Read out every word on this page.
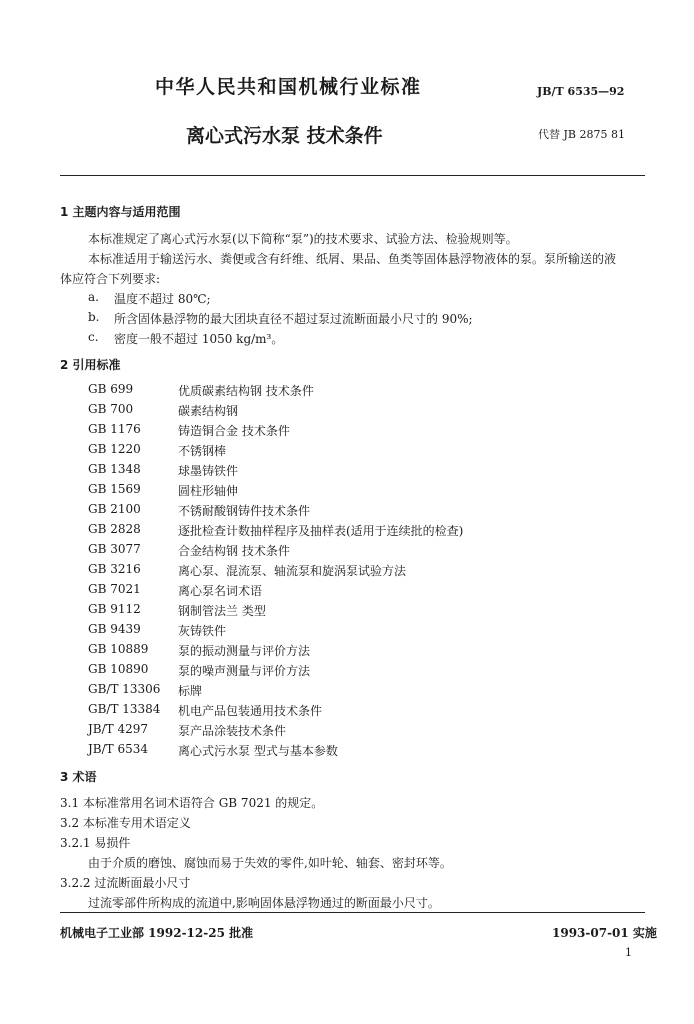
中华人民共和国机械行业标准	JB/T 6535—92
离心式污水泵 技术条件	代替 JB 2875 81
1 主题内容与适用范围
本标准规定了离心式污水泵(以下简称“泵”)的技术要求、试验方法、检验规则等。
本标准适用于输送污水、粪便或含有纤维、纸屑、果品、鱼类等固体悬浮物液体的泵。泵所输送的液
体应符合下列要求:
a. 温度不超过 80℃;
b. 所含固体悬浮物的最大团块直径不超过泵过流断面最小尺寸的 90%;
c. 密度一般不超过 1050 kg/m³。
2 引用标准
GB 699	优质碳素结构钢 技术条件
GB 700	碳素结构钢
GB 1176	铸造铜合金 技术条件
GB 1220	不锈钢棒
GB 1348	球墨铸铁件
GB 1569	圆柱形轴伸
GB 2100	不锈耐酸钢铸件技术条件
GB 2828	逐批检查计数抽样程序及抽样表(适用于连续批的检查)
GB 3077	合金结构钢 技术条件
GB 3216	离心泵、混流泵、轴流泵和旋涡泵试验方法
GB 7021	离心泵名词术语
GB 9112	钢制管法兰 类型
GB 9439	灰铸铁件
GB 10889 泵的振动测量与评价方法
GB 10890 泵的噪声测量与评价方法
GB/T 13306 标牌
GB/T 13384 机电产品包装通用技术条件
JB/T 4297 泵产品涂装技术条件
JB/T 6534 离心式污水泵 型式与基本参数
3 术语
3.1 本标准常用名词术语符合 GB 7021 的规定。
3.2 本标准专用术语定义
3.2.1 易损件
由于介质的磨蚀、腐蚀而易于失效的零件,如叶轮、轴套、密封环等。
3.2.2 过流断面最小尺寸
过流零部件所构成的流道中,影响固体悬浮物通过的断面最小尺寸。
机械电子工业部 1992-12-25 批准	1993-07-01 实施
1
